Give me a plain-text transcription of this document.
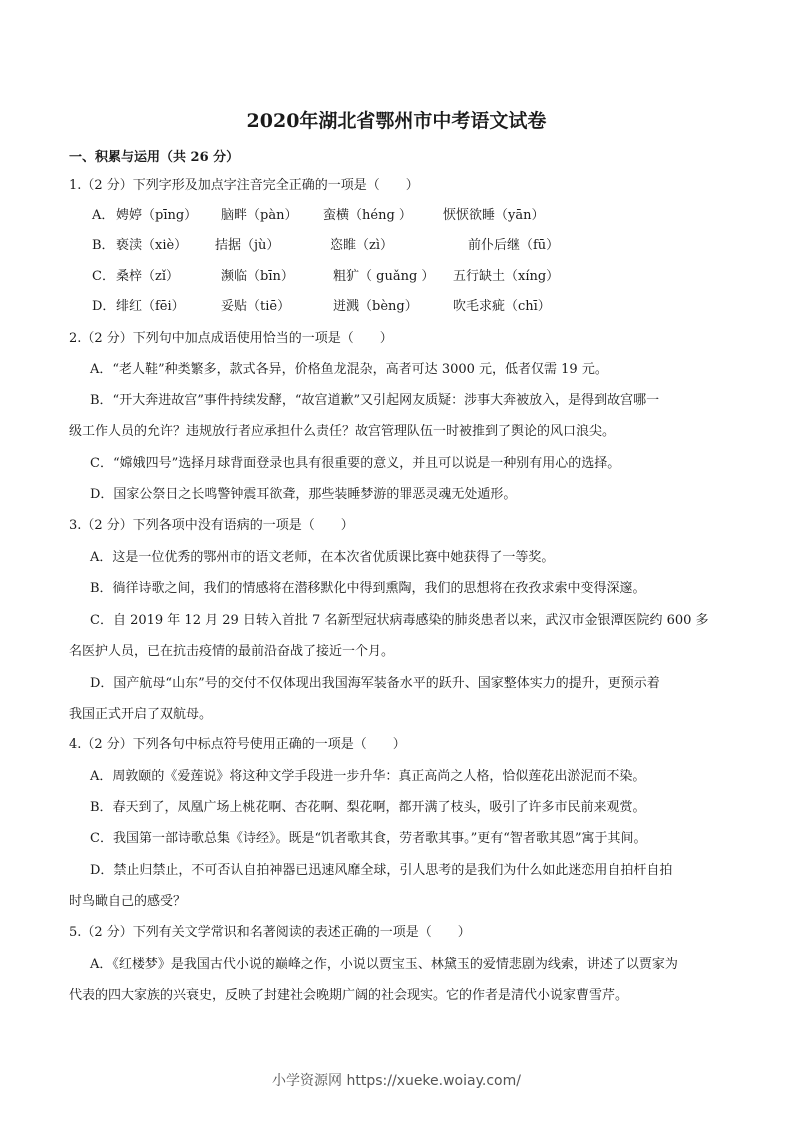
2020年湖北省鄂州市中考语文试卷
一、积累与运用（共 26 分）
1.（2 分）下列字形及加点字注音完全正确的一项是（　　）
A． 娉婷（pīng） 脑畔（pàn） 蛮横（héng ） 恹恹欲睡（yān）
B． 亵渎（xiè） 拮据（jù）	恣睢（zì）	前仆后继（fū）
C． 桑梓（zǐ）	濒临（bīn）	粗犷（ guǎng ） 五行缺土（xíng）
D． 绯红（fēi）	妥贴（tiē）	迸溅（bèng）	吹毛求疵（chī）
2.（2 分）下列句中加点成语使用恰当的一项是（　　）
A．“老人鞋”种类繁多，款式各异，价格鱼龙混杂，高者可达 3000 元，低者仅需 19 元。
B．“开大奔进故宫”事件持续发酵，“故宫道歉”又引起网友质疑：涉事大奔被放入，是得到故宫哪一
级工作人员的允许？违规放行者应承担什么责任？故宫管理队伍一时被推到了舆论的风口浪尖。
C．“嫦娥四号”选择月球背面登录也具有很重要的意义，并且可以说是一种别有用心的选择。
D．国家公祭日之长鸣警钟震耳欲聋，那些装睡梦游的罪恶灵魂无处遁形。
3.（2 分）下列各项中没有语病的一项是（　　）
A．这是一位优秀的鄂州市的语文老师，在本次省优质课比赛中她获得了一等奖。
B．徜徉诗歌之间，我们的情感将在潜移默化中得到熏陶，我们的思想将在孜孜求索中变得深邃。
C．自 2019 年 12 月 29 日转入首批 7 名新型冠状病毒感染的肺炎患者以来，武汉市金银潭医院约 600 多
名医护人员，已在抗击疫情的最前沿奋战了接近一个月。
D．国产航母“山东”号的交付不仅体现出我国海军装备水平的跃升、国家整体实力的提升，更预示着
我国正式开启了双航母。
4.（2 分）下列各句中标点符号使用正确的一项是（　　）
A．周敦颐的《爱莲说》将这种文学手段进一步升华：真正高尚之人格，恰似莲花出淤泥而不染。
B．春天到了，凤凰广场上桃花啊、杏花啊、梨花啊，都开满了枝头，吸引了许多市民前来观赏。
C．我国第一部诗歌总集《诗经》。既是“饥者歌其食，劳者歌其事。”更有“智者歌其恩”寓于其间。
D．禁止归禁止，不可否认自拍神器已迅速风靡全球，引人思考的是我们为什么如此迷恋用自拍杆自拍
时鸟瞰自己的感受？
5.（2 分）下列有关文学常识和名著阅读的表述正确的一项是（　　）
A．《红楼梦》是我国古代小说的巅峰之作，小说以贾宝玉、林黛玉的爱情悲剧为线索，讲述了以贾家为
代表的四大家族的兴衰史，反映了封建社会晚期广阔的社会现实。它的作者是清代小说家曹雪芹。
小学资源网 https://xueke.woiay.com/
